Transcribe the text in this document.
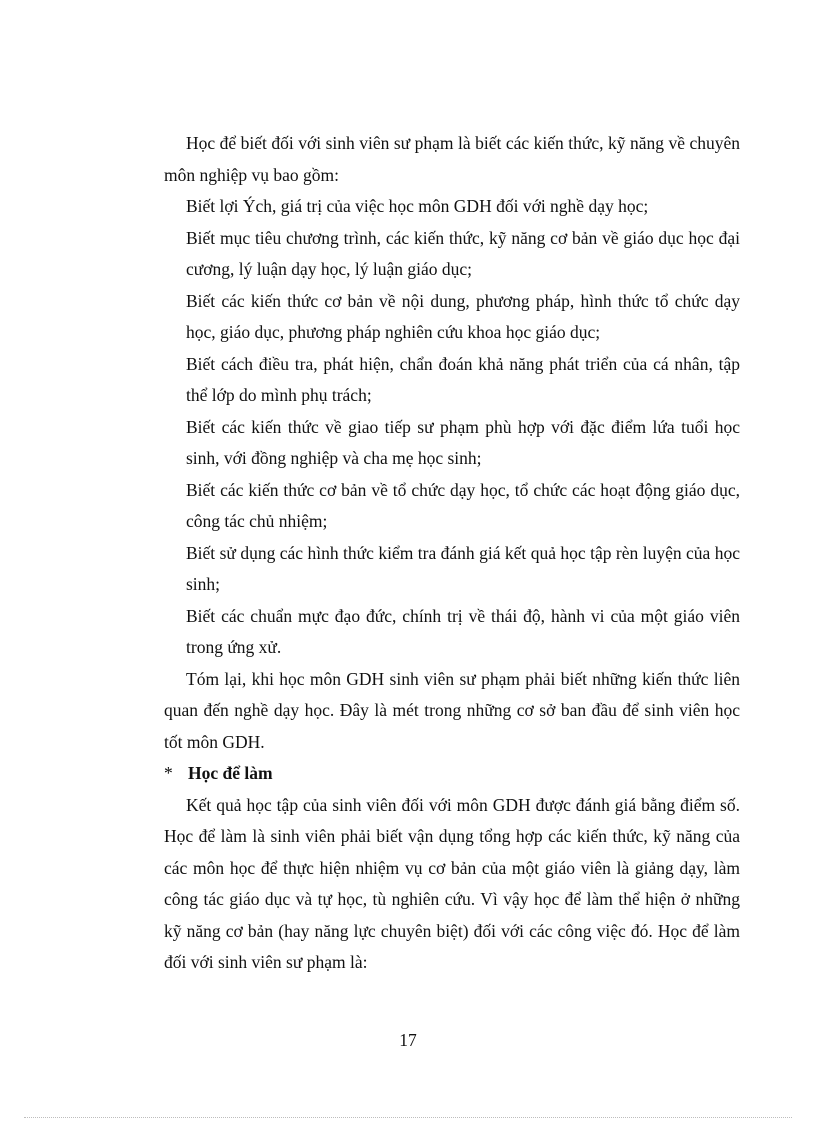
Học để biết đối với sinh viên sư phạm là biết các kiến thức, kỹ năng về chuyên môn nghiệp vụ bao gồm:

Biết lợi Ých, giá trị của việc học môn GDH đối với nghề dạy học;

Biết mục tiêu chương trình, các kiến thức, kỹ năng cơ bản về giáo dục học đại cương, lý luận dạy học, lý luận giáo dục;

Biết các kiến thức cơ bản về nội dung, phương pháp, hình thức tổ chức dạy học, giáo dục, phương pháp nghiên cứu khoa học giáo dục;

Biết cách điều tra, phát hiện, chẩn đoán khả năng phát triển của cá nhân, tập thể lớp do mình phụ trách;

Biết các kiến thức về giao tiếp sư phạm phù hợp với đặc điểm lứa tuổi học sinh, với đồng nghiệp và cha mẹ học sinh;

Biết các kiến thức cơ bản về tổ chức dạy học, tổ chức các hoạt động giáo dục, công tác chủ nhiệm;

Biết sử dụng các hình thức kiểm tra đánh giá kết quả học tập rèn luyện của học sinh;

Biết các chuẩn mực đạo đức, chính trị về thái độ, hành vi của một giáo viên trong ứng xử.

Tóm lại, khi học môn GDH sinh viên sư phạm phải biết những kiến thức liên quan đến nghề dạy học. Đây là mét trong những cơ sở ban đầu để sinh viên học tốt môn GDH.

* Học để làm

Kết quả học tập của sinh viên đối với môn GDH được đánh giá bằng điểm số. Học để làm là sinh viên phải biết vận dụng tổng hợp các kiến thức, kỹ năng của các môn học để thực hiện nhiệm vụ cơ bản của một giáo viên là giảng dạy, làm công tác giáo dục và tự học, tù nghiên cứu. Vì vậy học để làm thể hiện ở những kỹ năng cơ bản (hay năng lực chuyên biệt) đối với các công việc đó. Học để làm đối với sinh viên sư phạm là:

17
